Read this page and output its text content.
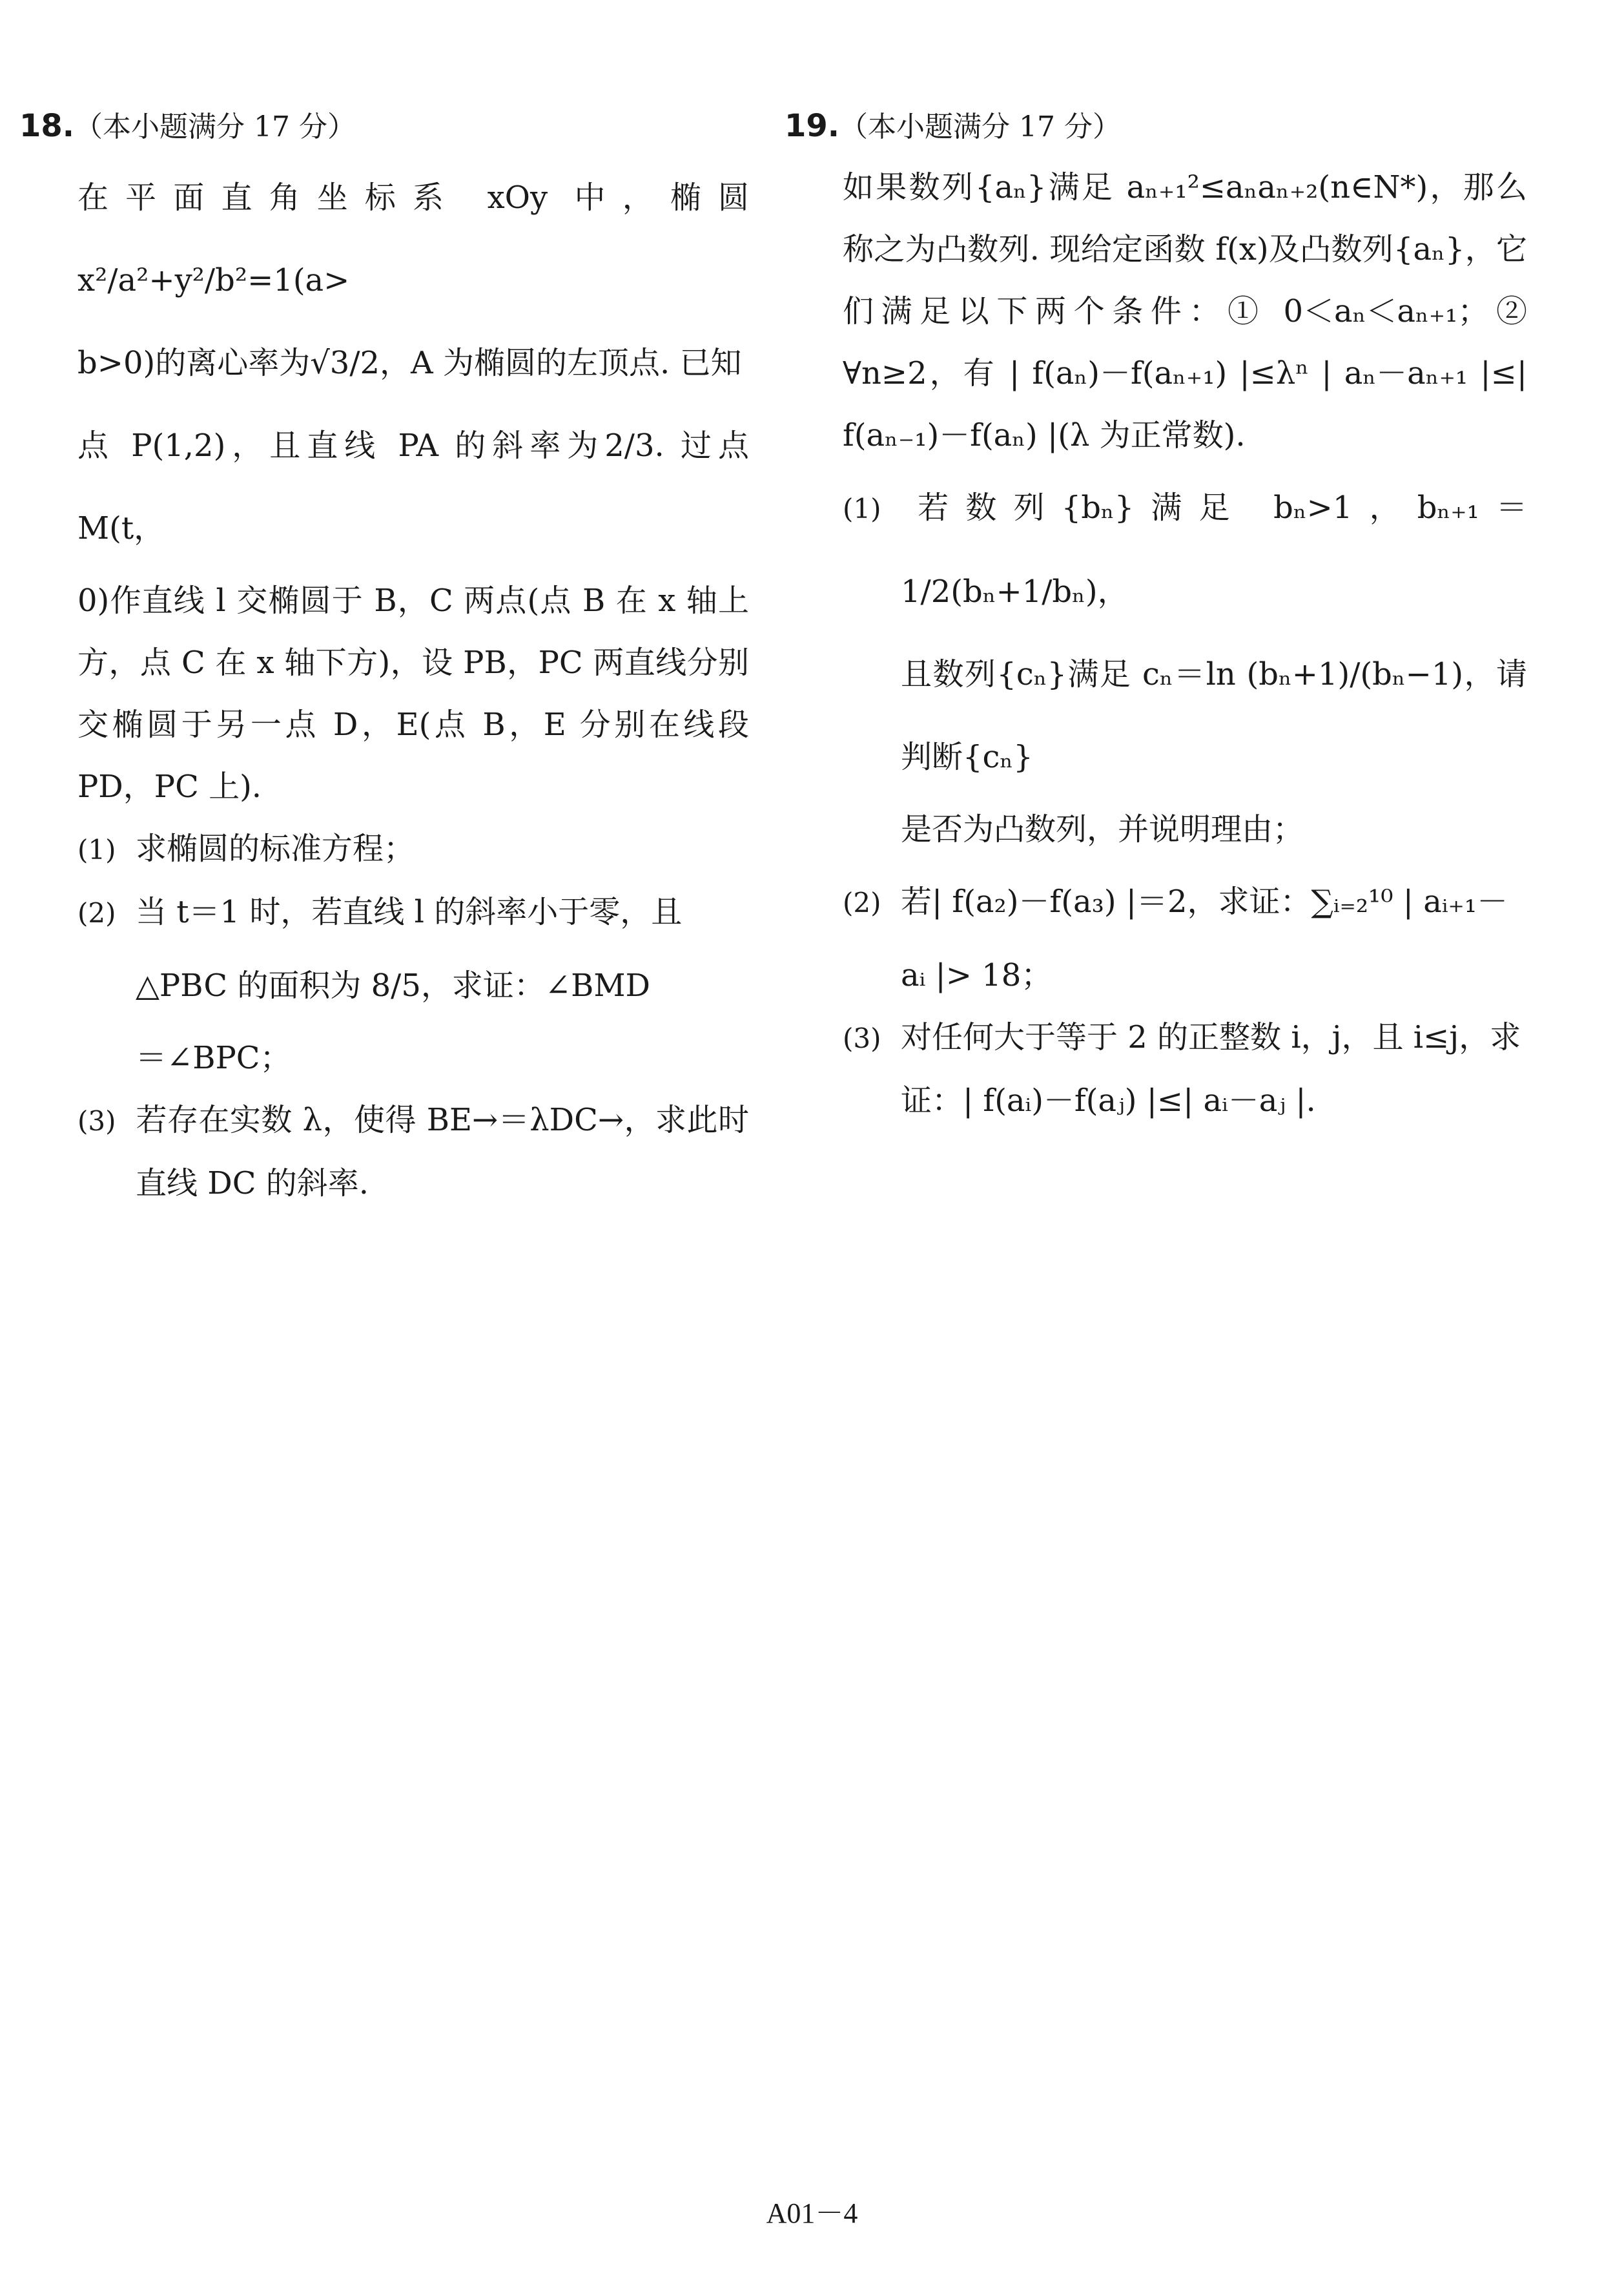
18.（本小题满分 17 分）
在平面直角坐标系 xOy 中，椭圆x²/a²+y²/b²=1(a>
b>0)的离心率为√3/2，A 为椭圆的左顶点. 已知
点 P(1,2)，且直线 PA 的斜率为2/3. 过点 M(t，
0)作直线 l 交椭圆于 B，C 两点(点 B 在 x 轴上方，点 C 在 x 轴下方)，设 PB，PC 两直线分别交椭圆于另一点 D，E(点 B，E 分别在线段 PD，PC 上).
(1) 求椭圆的标准方程；
(2) 当 t＝1 时，若直线 l 的斜率小于零，且
△PBC 的面积为 8/5，求证：∠BMD
＝∠BPC；
(3) 若存在实数 λ，使得 BE→＝λDC→，求此时直线 DC 的斜率.
19.（本小题满分 17 分）
如果数列{aₙ}满足 aₙ₊₁²≤aₙaₙ₊₂(n∈N*)，那么称之为凸数列. 现给定函数 f(x)及凸数列{aₙ}，它们满足以下两个条件：① 0＜aₙ＜aₙ₊₁；② ∀n≥2，有 | f(aₙ)－f(aₙ₊₁) |≤λⁿ | aₙ－aₙ₊₁ |≤| f(aₙ₋₁)－f(aₙ) |(λ 为正常数).
(1) 若数列{bₙ}满足 bₙ>1，bₙ₊₁＝1/2(bₙ+1/bₙ)，
且数列{cₙ}满足 cₙ＝ln (bₙ+1)/(bₙ−1)，请判断{cₙ}
是否为凸数列，并说明理由；
(2) 若| f(a₂)－f(a₃) |＝2，求证：∑ᵢ₌₂¹⁰ | aᵢ₊₁－
aᵢ |> 18；
(3) 对任何大于等于 2 的正整数 i，j，且 i≤j，求
证：| f(aᵢ)－f(aⱼ) |≤| aᵢ－aⱼ |.
A01－4
